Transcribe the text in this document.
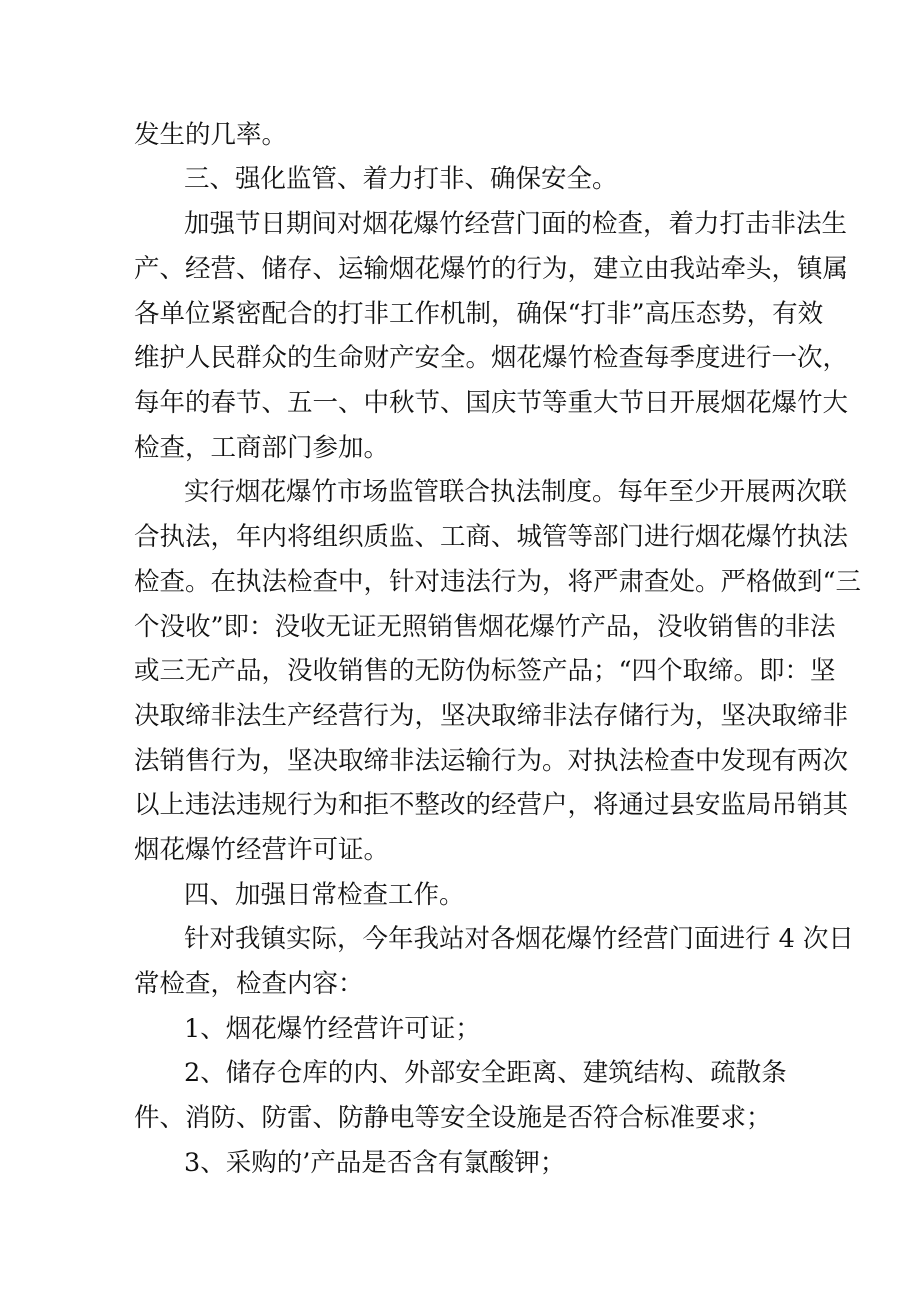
发生的几率。
三、强化监管、着力打非、确保安全。
加强节日期间对烟花爆竹经营门面的检查，着力打击非法生
产、经营、储存、运输烟花爆竹的行为，建立由我站牵头，镇属
各单位紧密配合的打非工作机制，确保“打非”高压态势，有效
维护人民群众的生命财产安全。烟花爆竹检查每季度进行一次，
每年的春节、五一、中秋节、国庆节等重大节日开展烟花爆竹大
检查，工商部门参加。
实行烟花爆竹市场监管联合执法制度。每年至少开展两次联
合执法，年内将组织质监、工商、城管等部门进行烟花爆竹执法
检查。在执法检查中，针对违法行为，将严肃查处。严格做到“三
个没收”即：没收无证无照销售烟花爆竹产品，没收销售的非法
或三无产品，没收销售的无防伪标签产品；“四个取缔。即：坚
决取缔非法生产经营行为，坚决取缔非法存储行为，坚决取缔非
法销售行为，坚决取缔非法运输行为。对执法检查中发现有两次
以上违法违规行为和拒不整改的经营户，将通过县安监局吊销其
烟花爆竹经营许可证。
四、加强日常检查工作。
针对我镇实际，今年我站对各烟花爆竹经营门面进行 4 次日
常检查，检查内容：
1、烟花爆竹经营许可证；
2、储存仓库的内、外部安全距离、建筑结构、疏散条
件、消防、防雷、防静电等安全设施是否符合标准要求；
3、采购的’产品是否含有氯酸钾；
